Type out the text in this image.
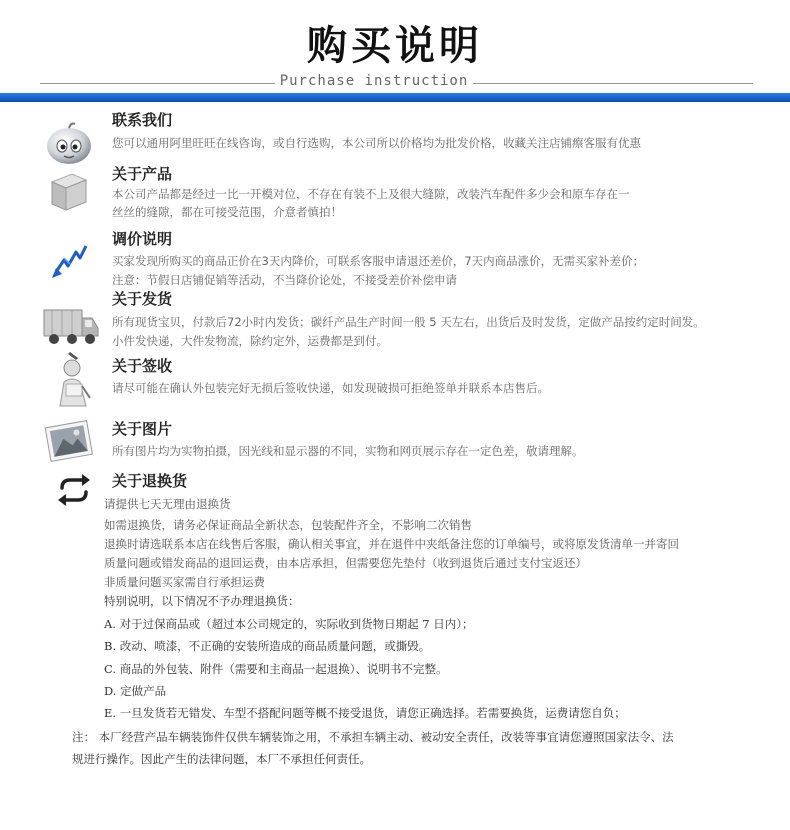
购买说明
Purchase instruction
联系我们
您可以通用阿里旺旺在线咨询，或自行选购，本公司所以价格均为批发价格，收藏关注店铺瘵客服有优惠
关于产品
本公司产品都是经过一比一开模对位，不存在有装不上及很大缝隙，改装汽车配件多少会和原车存在一
丝丝的缝隙，都在可接受范围，介意者慎拍！
调价说明
买家发现所购买的商品正价在3天内降价，可联系客服申请退还差价，7天内商品涨价，无需买家补差价；
注意：节假日店铺促销等活动，不当降价论处，不接受差价补偿申请
关于发货
所有现货宝贝，付款后72小时内发货；碳纤产品生产时间一般 5 天左右，出货后及时发货，定做产品按约定时间发。
小件发快递，大件发物流，除约定外，运费都是到付。
关于签收
请尽可能在确认外包装完好无损后签收快递，如发现破损可拒绝签单并联系本店售后。
关于图片
所有图片均为实物拍摄，因光线和显示器的不同，实物和网页展示存在一定色差，敬请理解。
关于退换货
请提供七天无理由退换货
如需退换货，请务必保证商品全新状态，包装配件齐全，不影响二次销售
退换时请选联系本店在线售后客服，确认相关事宜，并在退件中夹纸备注您的订单编号，或将原发货清单一并寄回
质量问题或错发商品的退回运费，由本店承担，但需要您先垫付（收到退货后通过支付宝返还）
非质量问题买家需自行承担运费
特别说明，以下情况不予办理退换货：
A. 对于过保商品或（超过本公司规定的，实际收到货物日期起 7 日内）；
B. 改动、喷漆，不正确的安装所造成的商品质量问题，或撕毁。
C. 商品的外包装、附件（需要和主商品一起退换）、说明书不完整。
D. 定做产品
E. 一旦发货若无错发、车型不搭配问题等概不接受退货，请您正确选择。若需要换货，运费请您自负；
注： 本厂经营产品车辆装饰件仅供车辆装饰之用，不承担车辆主动、被动安全责任，改装等事宜请您遵照国家法令、法
规进行操作。因此产生的法律问题，本厂不承担任何责任。
